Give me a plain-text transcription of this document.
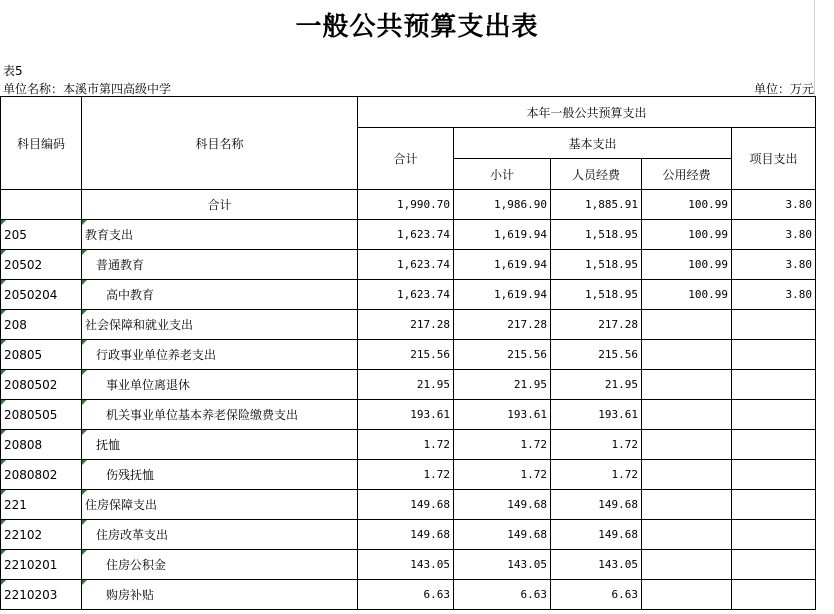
一般公共预算支出表
表5
单位名称：本溪市第四高级中学	单位：万元
科目编码	科目名称	本年一般公共预算支出				
		合计	基本支出			项目支出
			小计	人员经费	公用经费	
	合计	1,990.70	1,986.90	1,885.91	100.99	3.80

205	教育支出	1,623.74	1,619.94	1,518.95	100.99	3.80

20502	普通教育	1,623.74	1,619.94	1,518.95	100.99	3.80

2050204	高中教育	1,623.74	1,619.94	1,518.95	100.99	3.80

208	社会保障和就业支出	217.28	217.28	217.28		

20805	行政事业单位养老支出	215.56	215.56	215.56		

2080502	事业单位离退休	21.95	21.95	21.95		

2080505	机关事业单位基本养老保险缴费支出	193.61	193.61	193.61		

20808	抚恤	1.72	1.72	1.72		

2080802	伤残抚恤	1.72	1.72	1.72		

221	住房保障支出	149.68	149.68	149.68		

22102	住房改革支出	149.68	149.68	149.68		

2210201	住房公积金	143.05	143.05	143.05		

2210203	购房补贴	6.63	6.63	6.63		
